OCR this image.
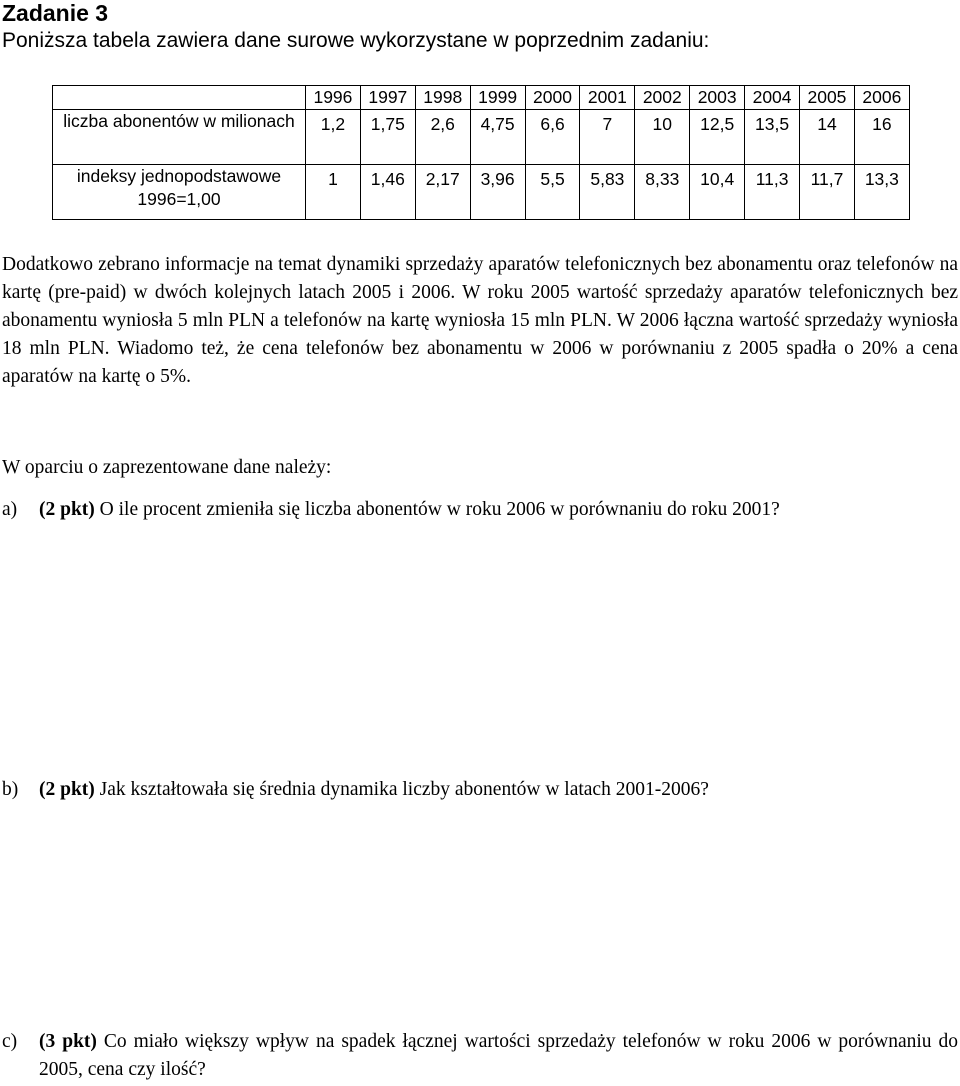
Zadanie 3
Poniższa tabela zawiera dane surowe wykorzystane w poprzednim zadaniu:
	1996	1997	1998	1999	2000	2001	2002	2003	2004	2005	2006
liczba abonentów w milionach	1,2	1,75	2,6	4,75	6,6	7	10	12,5	13,5	14	16
indeksy jednopodstawowe 1996=1,00	1	1,46	2,17	3,96	5,5	5,83	8,33	10,4	11,3	11,7	13,3
Dodatkowo zebrano informacje na temat dynamiki sprzedaży aparatów telefonicznych bez abonamentu oraz telefonów na kartę (pre-paid) w dwóch kolejnych latach 2005 i 2006. W roku 2005 wartość sprzedaży aparatów telefonicznych bez abonamentu wyniosła 5 mln PLN a telefonów na kartę wyniosła 15 mln PLN. W 2006 łączna wartość sprzedaży wyniosła 18 mln PLN. Wiadomo też, że cena telefonów bez abonamentu w 2006 w porównaniu z 2005 spadła o 20% a cena aparatów na kartę o 5%.
W oparciu o zaprezentowane dane należy:
a) (2 pkt) O ile procent zmieniła się liczba abonentów w roku 2006 w porównaniu do roku 2001?
b) (2 pkt) Jak kształtowała się średnia dynamika liczby abonentów w latach 2001-2006?
c) (3 pkt) Co miało większy wpływ na spadek łącznej wartości sprzedaży telefonów w roku 2006 w porównaniu do 2005, cena czy ilość?
